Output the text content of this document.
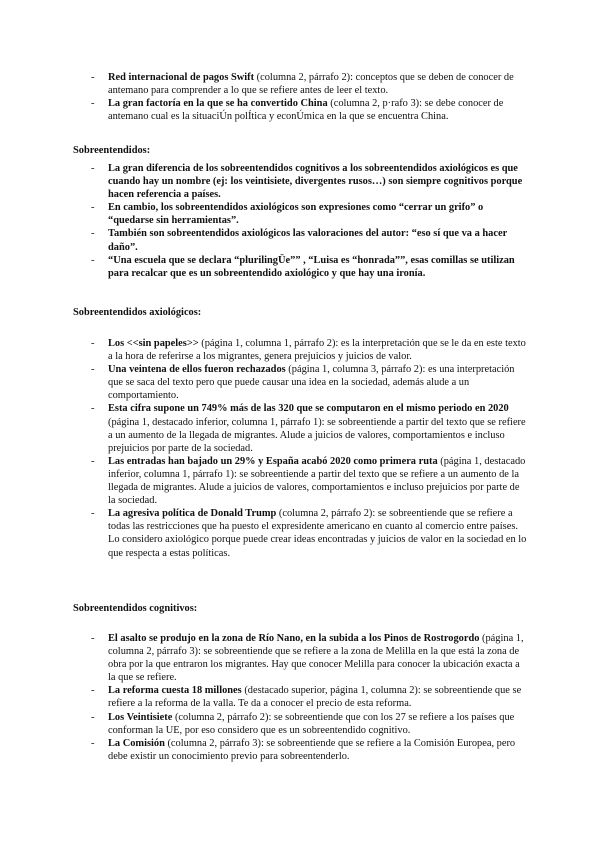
- Red internacional de pagos Swift (columna 2, párrafo 2): conceptos que se deben de conocer de antemano para comprender a lo que se refiere antes de leer el texto.
- La gran factoría en la que se ha convertido China (columna 2, p·rafo 3): se debe conocer de antemano cual es la situaciÚn polÍtica y econÚmica en la que se encuentra China.
Sobreentendidos:
- La gran diferencia de los sobreentendidos cognitivos a los sobreentendidos axiológicos es que cuando hay un nombre (ej: los veintisiete, divergentes rusos…) son siempre cognitivos porque hacen referencia a países.
- En cambio, los sobreentendidos axiológicos son expresiones como “cerrar un grifo” o “quedarse sin herramientas”.
- También son sobreentendidos axiológicos las valoraciones del autor: “eso sí que va a hacer daño”.
- “Una escuela que se declara “plurilingÜe”” , “Luisa es “honrada””, esas comillas se utilizan para recalcar que es un sobreentendido axiológico y que hay una ironía.
Sobreentendidos axiológicos:
- Los <<sin papeles>> (página 1, columna 1, párrafo 2): es la interpretación que se le da en este texto a la hora de referirse a los migrantes, genera prejuicios y juicios de valor.
- Una veintena de ellos fueron rechazados (página 1, columna 3, párrafo 2): es una interpretación que se saca del texto pero que puede causar una idea en la sociedad, además alude a un comportamiento.
- Esta cifra supone un 749% más de las 320 que se computaron en el mismo periodo en 2020 (página 1, destacado inferior, columna 1, párrafo 1): se sobreentiende a partir del texto que se refiere a un aumento de la llegada de migrantes. Alude a juicios de valores, comportamientos e incluso prejuicios por parte de la sociedad.
- Las entradas han bajado un 29% y España acabó 2020 como primera ruta (página 1, destacado inferior, columna 1, párrafo 1): se sobreentiende a partir del texto que se refiere a un aumento de la llegada de migrantes. Alude a juicios de valores, comportamientos e incluso prejuicios por parte de la sociedad.
- La agresiva política de Donald Trump (columna 2, párrafo 2): se sobreentiende que se refiere a todas las restricciones que ha puesto el expresidente americano en cuanto al comercio entre países. Lo considero axiológico porque puede crear ideas encontradas y juicios de valor en la sociedad en lo que respecta a estas políticas.
Sobreentendidos cognitivos:
- El asalto se produjo en la zona de Río Nano, en la subida a los Pinos de Rostrogordo (página 1, columna 2, párrafo 3): se sobreentiende que se refiere a la zona de Melilla en la que está la zona de obra por la que entraron los migrantes. Hay que conocer Melilla para conocer la ubicación exacta a la que se refiere.
- La reforma cuesta 18 millones (destacado superior, página 1, columna 2): se sobreentiende que se refiere a la reforma de la valla. Te da a conocer el precio de esta reforma.
- Los Veintisiete (columna 2, párrafo 2): se sobreentiende que con los 27 se refiere a los países que conforman la UE, por eso considero que es un sobreentendido cognitivo.
- La Comisión (columna 2, párrafo 3): se sobreentiende que se refiere a la Comisión Europea, pero debe existir un conocimiento previo para sobreentenderlo.
